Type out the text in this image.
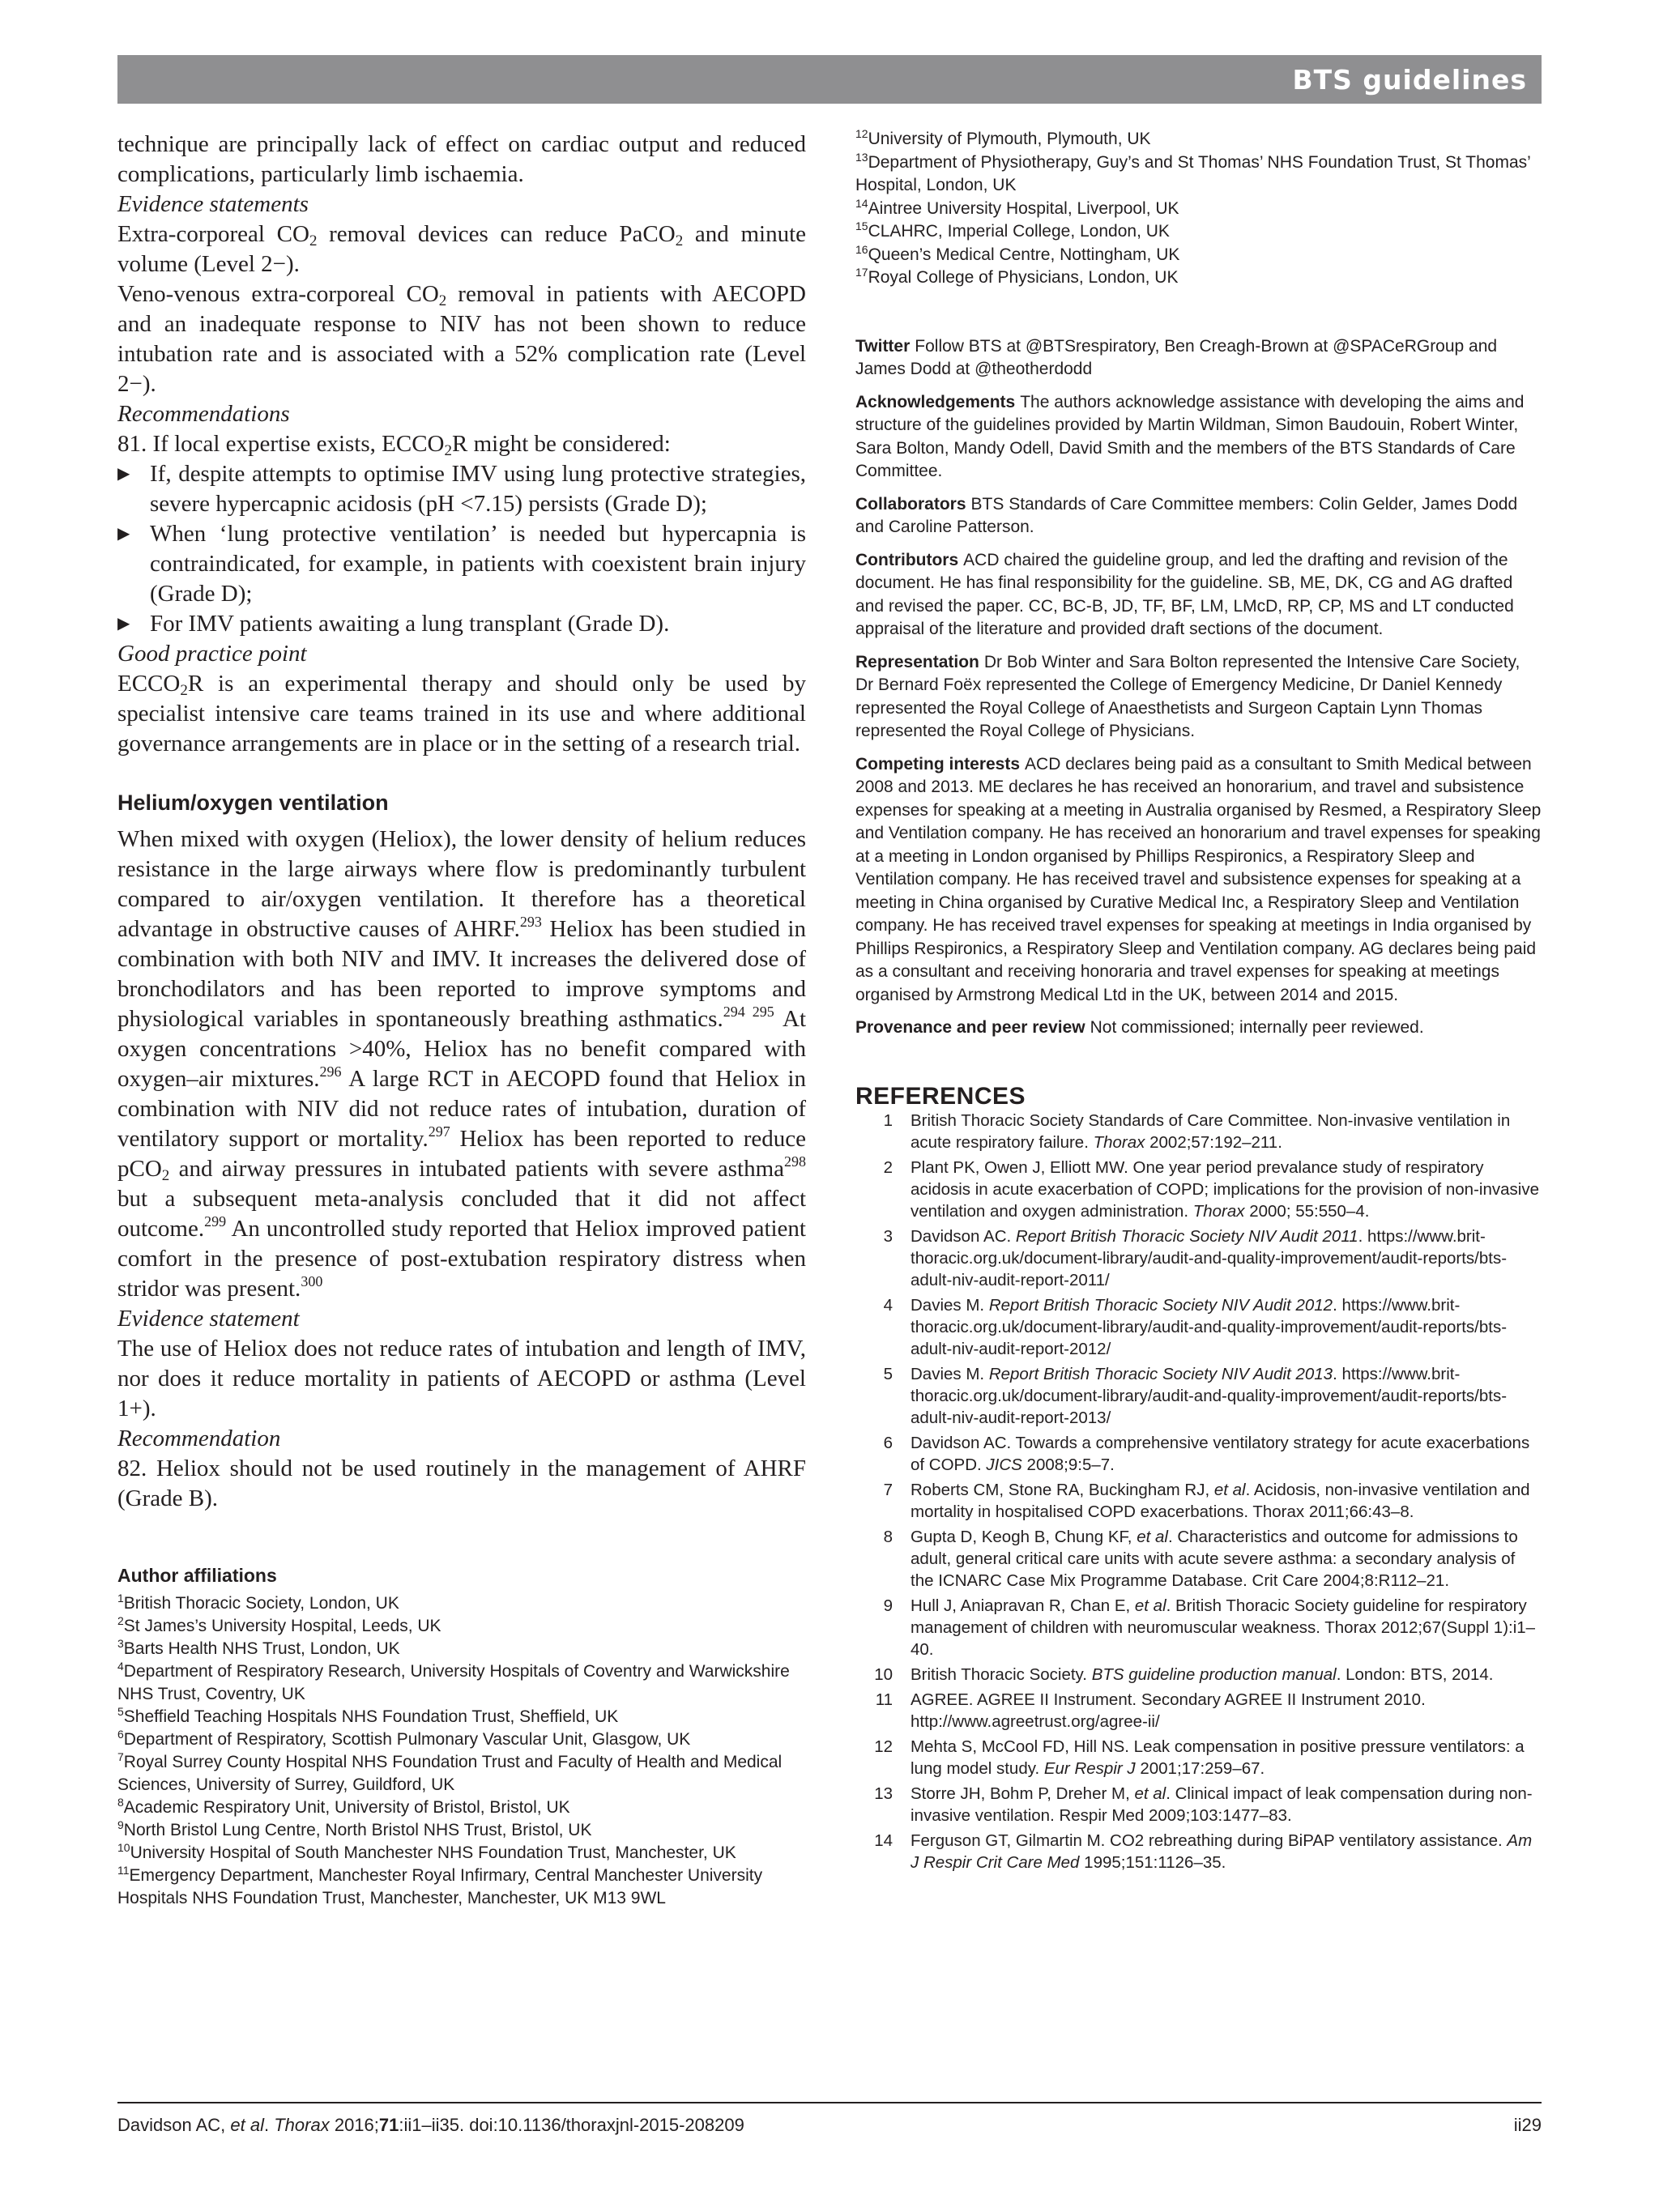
BTS guidelines

technique are principally lack of effect on cardiac output and reduced complications, particularly limb ischaemia.

Evidence statements

Extra-corporeal $CO_2$ removal devices can reduce PaCO$_2$ and minute volume (Level 2−).

Veno-venous extra-corporeal $CO_2$ removal in patients with AECOPD and an inadequate response to NIV has not been shown to reduce intubation rate and is associated with a 52% complication rate (Level 2−).

Recommendations

81. If local expertise exists, $ECCO_2R$ might be considered:

▶ If, despite attempts to optimise IMV using lung protective strategies, severe hypercapnic acidosis (pH <7.15) persists (Grade D);
▶ When ‘lung protective ventilation’ is needed but hypercapnia is contraindicated, for example, in patients with coexistent brain injury (Grade D);
▶ For IMV patients awaiting a lung transplant (Grade D).

Good practice point

$ECCO_2R$ is an experimental therapy and should only be used by specialist intensive care teams trained in its use and where additional governance arrangements are in place or in the setting of a research trial.

Helium/oxygen ventilation

When mixed with oxygen (Heliox), the lower density of helium reduces resistance in the large airways where flow is predominantly turbulent compared to air/oxygen ventilation. It therefore has a theoretical advantage in obstructive causes of AHRF.$^{293}$ Heliox has been studied in combination with both NIV and IMV. It increases the delivered dose of bronchodilators and has been reported to improve symptoms and physiological variables in spontaneously breathing asthmatics.$^{294 295}$ At oxygen concentrations >40%, Heliox has no benefit compared with oxygen–air mixtures.$^{296}$ A large RCT in AECOPD found that Heliox in combination with NIV did not reduce rates of intubation, duration of ventilatory support or mortality.$^{297}$ Heliox has been reported to reduce pCO$_2$ and airway pressures in intubated patients with severe asthma$^{298}$ but a subsequent meta-analysis concluded that it did not affect outcome.$^{299}$ An uncontrolled study reported that Heliox improved patient comfort in the presence of post-extubation respiratory distress when stridor was present.$^{300}$

Evidence statement

The use of Heliox does not reduce rates of intubation and length of IMV, nor does it reduce mortality in patients of AECOPD or asthma (Level 1+).

Recommendation

82. Heliox should not be used routinely in the management of AHRF (Grade B).

Author affiliations
$^1$British Thoracic Society, London, UK
$^2$St James’s University Hospital, Leeds, UK
$^3$Barts Health NHS Trust, London, UK
$^4$Department of Respiratory Research, University Hospitals of Coventry and Warwickshire NHS Trust, Coventry, UK
$^5$Sheffield Teaching Hospitals NHS Foundation Trust, Sheffield, UK
$^6$Department of Respiratory, Scottish Pulmonary Vascular Unit, Glasgow, UK
$^7$Royal Surrey County Hospital NHS Foundation Trust and Faculty of Health and Medical Sciences, University of Surrey, Guildford, UK
$^8$Academic Respiratory Unit, University of Bristol, Bristol, UK
$^9$North Bristol Lung Centre, North Bristol NHS Trust, Bristol, UK
$^{10}$University Hospital of South Manchester NHS Foundation Trust, Manchester, UK
$^{11}$Emergency Department, Manchester Royal Infirmary, Central Manchester University Hospitals NHS Foundation Trust, Manchester, Manchester, UK M13 9WL
$^{12}$University of Plymouth, Plymouth, UK
$^{13}$Department of Physiotherapy, Guy’s and St Thomas’ NHS Foundation Trust, St Thomas’ Hospital, London, UK
$^{14}$Aintree University Hospital, Liverpool, UK
$^{15}$CLAHRC, Imperial College, London, UK
$^{16}$Queen’s Medical Centre, Nottingham, UK
$^{17}$Royal College of Physicians, London, UK

Twitter Follow BTS at @BTSrespiratory, Ben Creagh-Brown at @SPACeRGroup and James Dodd at @theotherdodd

Acknowledgements The authors acknowledge assistance with developing the aims and structure of the guidelines provided by Martin Wildman, Simon Baudouin, Robert Winter, Sara Bolton, Mandy Odell, David Smith and the members of the BTS Standards of Care Committee.

Collaborators BTS Standards of Care Committee members: Colin Gelder, James Dodd and Caroline Patterson.

Contributors ACD chaired the guideline group, and led the drafting and revision of the document. He has final responsibility for the guideline. SB, ME, DK, CG and AG drafted and revised the paper. CC, BC-B, JD, TF, BF, LM, LMcD, RP, CP, MS and LT conducted appraisal of the literature and provided draft sections of the document.

Representation Dr Bob Winter and Sara Bolton represented the Intensive Care Society, Dr Bernard Foëx represented the College of Emergency Medicine, Dr Daniel Kennedy represented the Royal College of Anaesthetists and Surgeon Captain Lynn Thomas represented the Royal College of Physicians.

Competing interests ACD declares being paid as a consultant to Smith Medical between 2008 and 2013. ME declares he has received an honorarium, and travel and subsistence expenses for speaking at a meeting in Australia organised by Resmed, a Respiratory Sleep and Ventilation company. He has received an honorarium and travel expenses for speaking at a meeting in London organised by Phillips Respironics, a Respiratory Sleep and Ventilation company. He has received travel and subsistence expenses for speaking at a meeting in China organised by Curative Medical Inc, a Respiratory Sleep and Ventilation company. He has received travel expenses for speaking at meetings in India organised by Phillips Respironics, a Respiratory Sleep and Ventilation company. AG declares being paid as a consultant and receiving honoraria and travel expenses for speaking at meetings organised by Armstrong Medical Ltd in the UK, between 2014 and 2015.

Provenance and peer review Not commissioned; internally peer reviewed.

REFERENCES
1 British Thoracic Society Standards of Care Committee. Non-invasive ventilation in acute respiratory failure. Thorax 2002;57:192–211.
2 Plant PK, Owen J, Elliott MW. One year period prevalance study of respiratory acidosis in acute exacerbation of COPD; implications for the provision of non-invasive ventilation and oxygen administration. Thorax 2000; 55:550–4.
3 Davidson AC. Report British Thoracic Society NIV Audit 2011. https://www.brit-thoracic.org.uk/document-library/audit-and-quality-improvement/audit-reports/bts-adult-niv-audit-report-2011/
4 Davies M. Report British Thoracic Society NIV Audit 2012. https://www.brit-thoracic.org.uk/document-library/audit-and-quality-improvement/audit-reports/bts-adult-niv-audit-report-2012/
5 Davies M. Report British Thoracic Society NIV Audit 2013. https://www.brit-thoracic.org.uk/document-library/audit-and-quality-improvement/audit-reports/bts-adult-niv-audit-report-2013/
6 Davidson AC. Towards a comprehensive ventilatory strategy for acute exacerbations of COPD. JICS 2008;9:5–7.
7 Roberts CM, Stone RA, Buckingham RJ, et al. Acidosis, non-invasive ventilation and mortality in hospitalised COPD exacerbations. Thorax 2011;66:43–8.
8 Gupta D, Keogh B, Chung KF, et al. Characteristics and outcome for admissions to adult, general critical care units with acute severe asthma: a secondary analysis of the ICNARC Case Mix Programme Database. Crit Care 2004;8:R112–21.
9 Hull J, Aniapravan R, Chan E, et al. British Thoracic Society guideline for respiratory management of children with neuromuscular weakness. Thorax 2012;67(Suppl 1):i1–40.
10 British Thoracic Society. BTS guideline production manual. London: BTS, 2014.
11 AGREE. AGREE II Instrument. Secondary AGREE II Instrument 2010. http://www.agreetrust.org/agree-ii/
12 Mehta S, McCool FD, Hill NS. Leak compensation in positive pressure ventilators: a lung model study. Eur Respir J 2001;17:259–67.
13 Storre JH, Bohm P, Dreher M, et al. Clinical impact of leak compensation during non-invasive ventilation. Respir Med 2009;103:1477–83.
14 Ferguson GT, Gilmartin M. CO2 rebreathing during BiPAP ventilatory assistance. Am J Respir Crit Care Med 1995;151:1126–35.
Davidson AC, et al. Thorax 2016;71:ii1–ii35. doi:10.1136/thoraxjnl-2015-208209	ii29
